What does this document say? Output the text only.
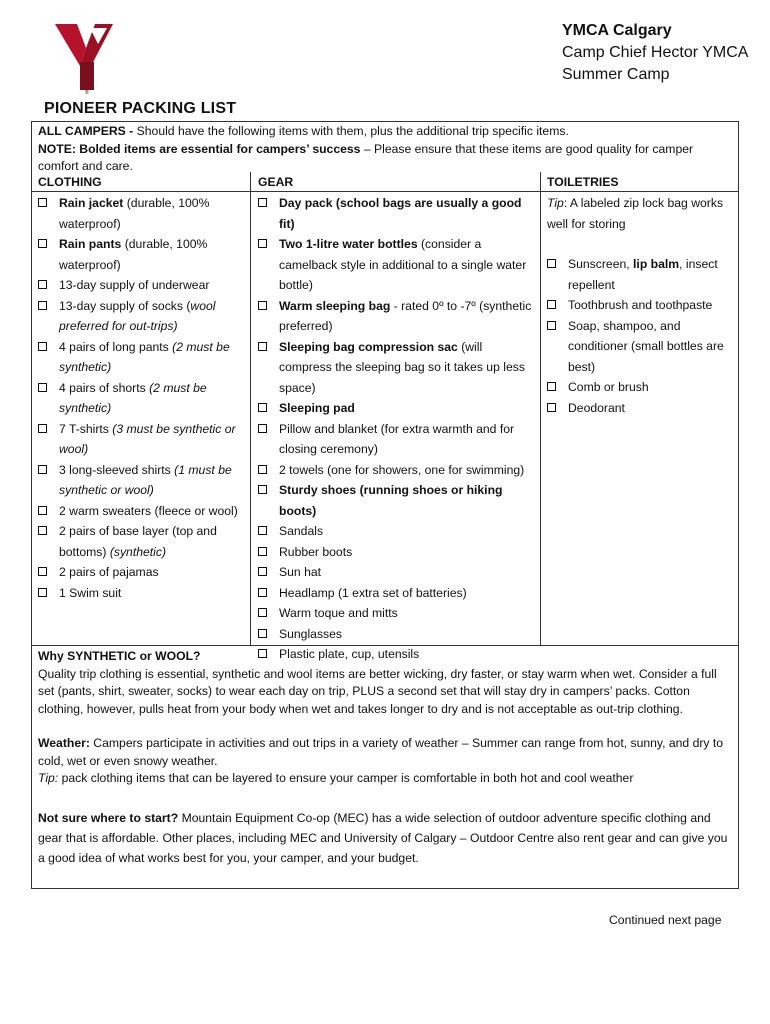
®
YMCA Calgary
Camp Chief Hector YMCA
Summer Camp
PIONEER PACKING LIST
ALL CAMPERS - Should have the following items with them, plus the additional trip specific items.
NOTE: Bolded items are essential for campers’ success – Please ensure that these items are good quality for camper comfort and care.
CLOTHING	GEAR	TOILETRIES
Rain jacket (durable, 100% waterproof)
Rain pants (durable, 100% waterproof)
13-day supply of underwear
13-day supply of socks (wool preferred for out-trips)
4 pairs of long pants (2 must be synthetic)
4 pairs of shorts (2 must be synthetic)
7 T-shirts (3 must be synthetic or wool)
3 long-sleeved shirts (1 must be synthetic or wool)
2 warm sweaters (fleece or wool)
2 pairs of base layer (top and bottoms) (synthetic)
2 pairs of pajamas
1 Swim suit
Day pack (school bags are usually a good fit)
Two 1-litre water bottles (consider a camelback style in additional to a single water bottle)
Warm sleeping bag - rated 0º to -7º (synthetic preferred)
Sleeping bag compression sac (will compress the sleeping bag so it takes up less space)
Sleeping pad
Pillow and blanket (for extra warmth and for closing ceremony)
2 towels (one for showers, one for swimming)
Sturdy shoes (running shoes or hiking boots)
Sandals
Rubber boots
Sun hat
Headlamp (1 extra set of batteries)
Warm toque and mitts
Sunglasses
Plastic plate, cup, utensils
Tip: A labeled zip lock bag works well for storing
Sunscreen, lip balm, insect repellent
Toothbrush and toothpaste
Soap, shampoo, and conditioner (small bottles are best)
Comb or brush
Deodorant

Why SYNTHETIC or WOOL?

Quality trip clothing is essential, synthetic and wool items are better wicking, dry faster, or stay warm when wet. Consider a full set (pants, shirt, sweater, socks) to wear each day on trip, PLUS a second set that will stay dry in campers’ packs. Cotton clothing, however, pulls heat from your body when wet and takes longer to dry and is not acceptable as out-trip clothing.

Weather: Campers participate in activities and out trips in a variety of weather – Summer can range from hot, sunny, and dry to cold, wet or even snowy weather.

Tip: pack clothing items that can be layered to ensure your camper is comfortable in both hot and cool weather

Not sure where to start? Mountain Equipment Co-op (MEC) has a wide selection of outdoor adventure specific clothing and gear that is affordable. Other places, including MEC and University of Calgary – Outdoor Centre also rent gear and can give you a good idea of what works best for you, your camper, and your budget.

Continued next page
